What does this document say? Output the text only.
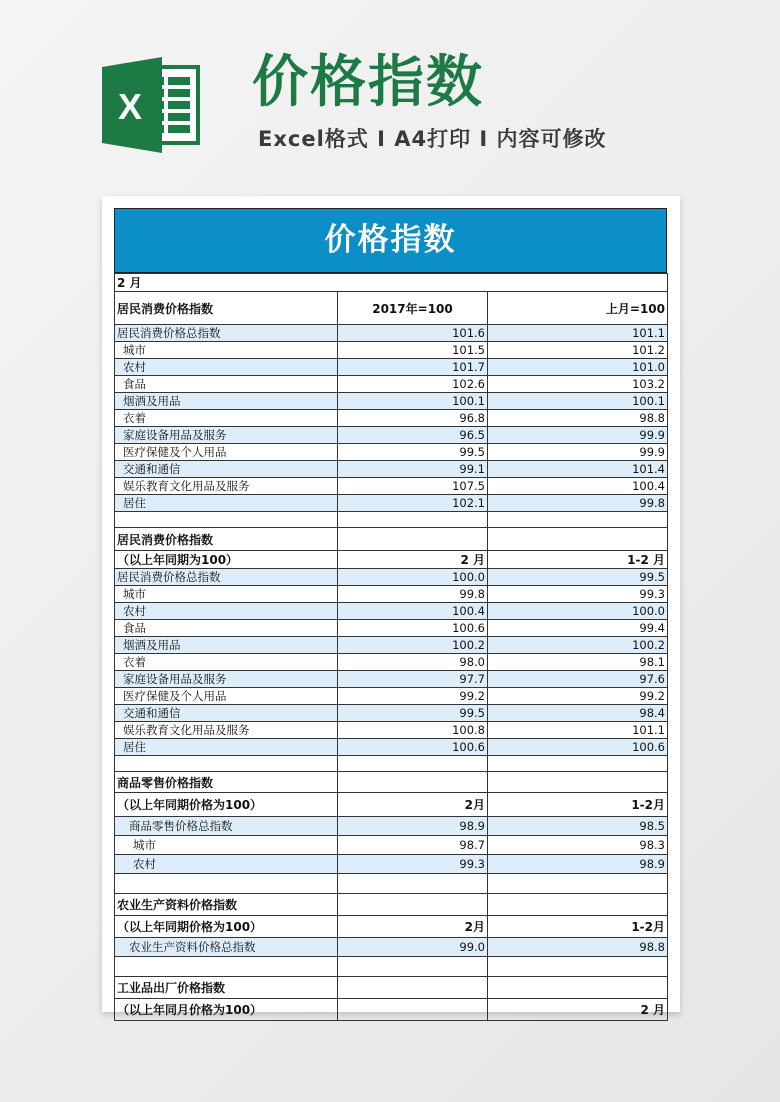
X 价格指数
Excel格式 I A4打印 I 内容可修改
价格指数
2 月		
居民消费价格指数	2017年=100	上月=100
居民消费价格总指数	101.6	101.1
城市	101.5	101.2
农村	101.7	101.0
食品	102.6	103.2
烟酒及用品	100.1	100.1
衣着	96.8	98.8
家庭设备用品及服务	96.5	99.9
医疗保健及个人用品	99.5	99.9
交通和通信	99.1	101.4
娱乐教育文化用品及服务	107.5	100.4
居住	102.1	99.8

居民消费价格指数		
（以上年同期为100）	2 月	1-2 月
居民消费价格总指数	100.0	99.5
城市	99.8	99.3
农村	100.4	100.0
食品	100.6	99.4
烟酒及用品	100.2	100.2
衣着	98.0	98.1
家庭设备用品及服务	97.7	97.6
医疗保健及个人用品	99.2	99.2
交通和通信	99.5	98.4
娱乐教育文化用品及服务	100.8	101.1
居住	100.6	100.6

商品零售价格指数		
（以上年同期价格为100）	2月	1-2月
商品零售价格总指数	98.9	98.5
城市	98.7	98.3
农村	99.3	98.9

农业生产资料价格指数		
（以上年同期价格为100）	2月	1-2月
农业生产资料价格总指数	99.0	98.8

工业品出厂价格指数		
（以上年同月价格为100）		2 月
